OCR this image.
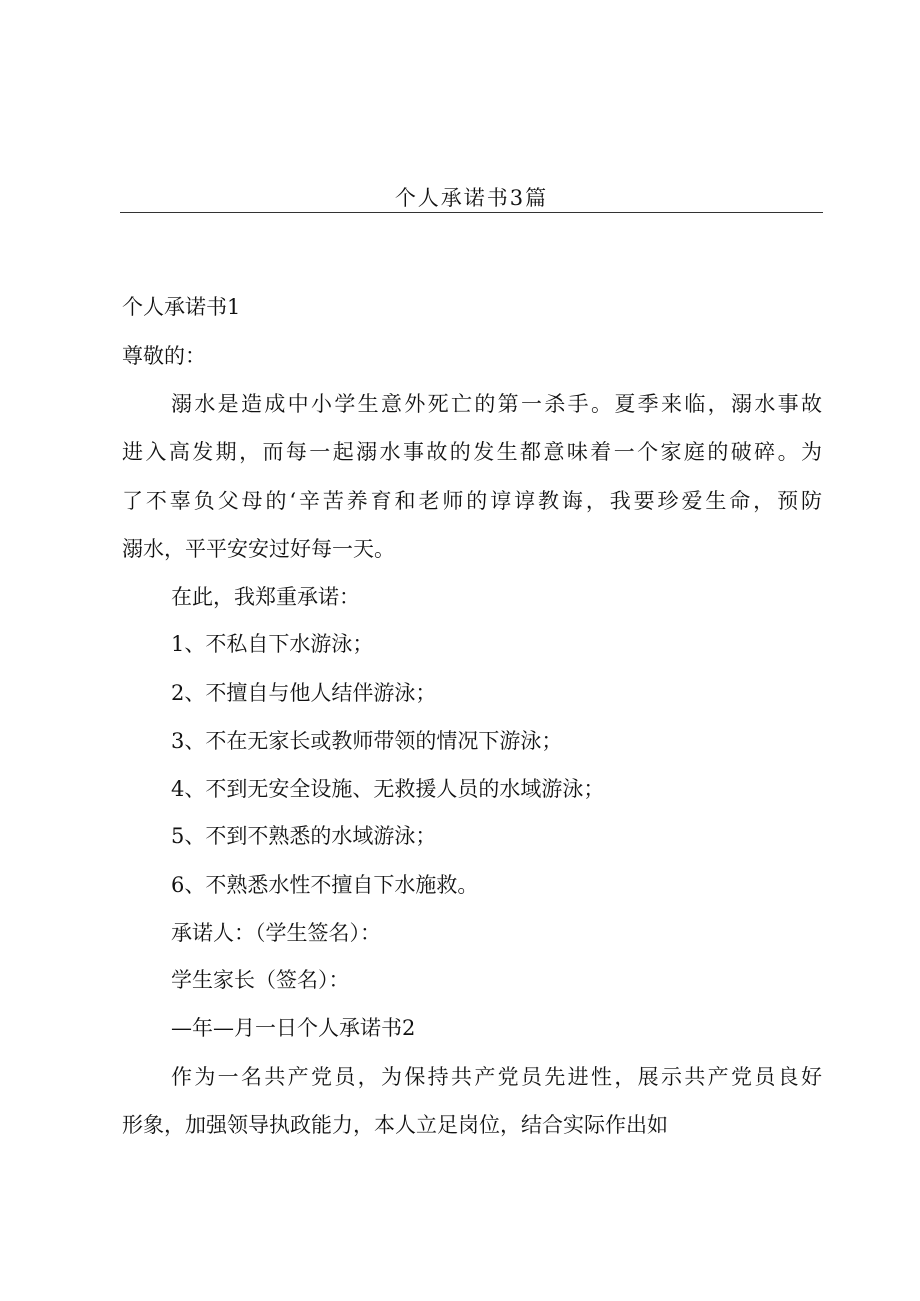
个人承诺书3篇
个人承诺书1
尊敬的：
溺水是造成中小学生意外死亡的第一杀手。夏季来临，溺水事故
进入高发期，而每一起溺水事故的发生都意味着一个家庭的破碎。为
了不辜负父母的‘辛苦养育和老师的谆谆教诲，我要珍爱生命，预防
溺水，平平安安过好每一天。
在此，我郑重承诺：
1、不私自下水游泳；
2、不擅自与他人结伴游泳；
3、不在无家长或教师带领的情况下游泳；
4、不到无安全设施、无救援人员的水域游泳；
5、不到不熟悉的水域游泳；
6、不熟悉水性不擅自下水施救。
承诺人：（学生签名）：
学生家长（签名）：
—年—月一日个人承诺书2
作为一名共产党员，为保持共产党员先进性，展示共产党员良好
形象，加强领导执政能力，本人立足岗位，结合实际作出如
